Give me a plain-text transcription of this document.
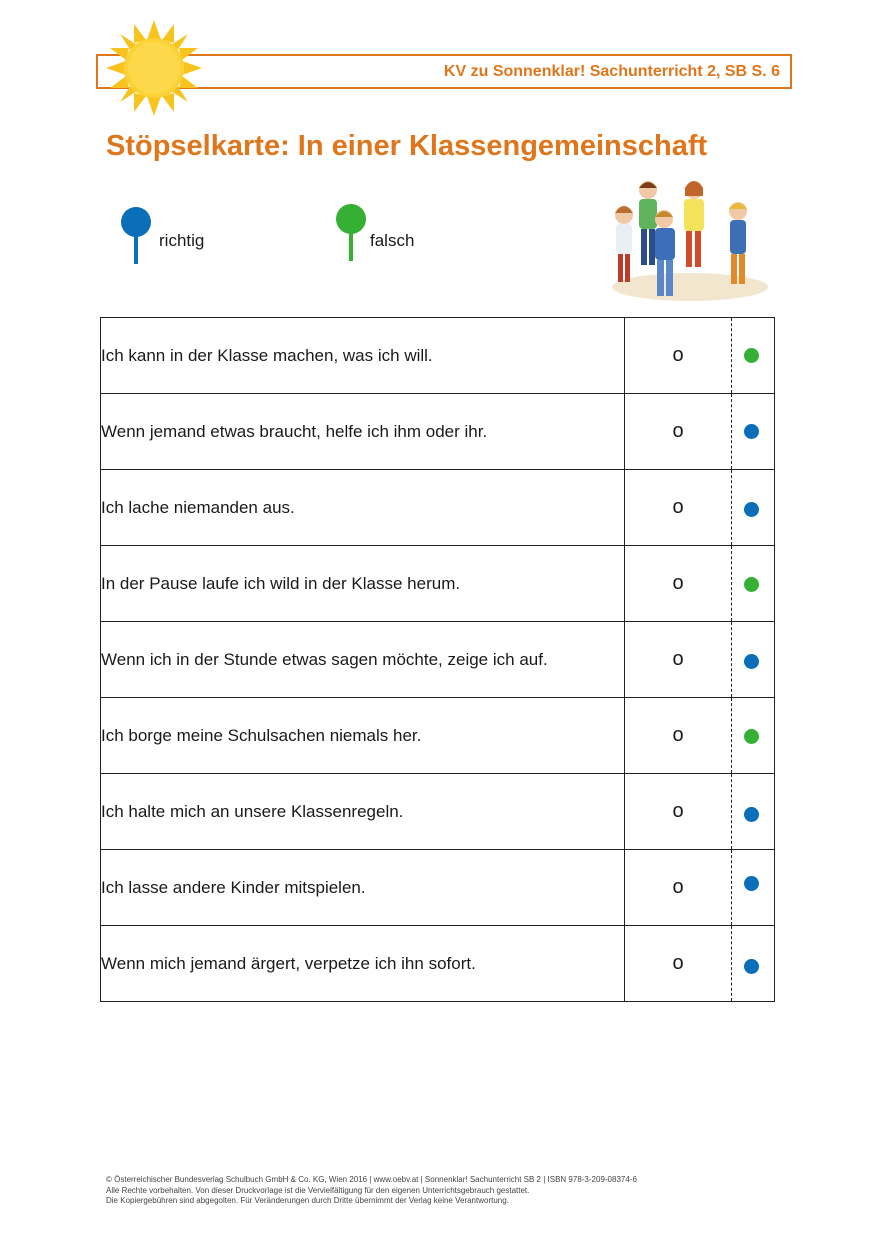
KV zu Sonnenklar! Sachunterricht 2, SB S. 6
Stöpselkarte: In einer Klassengemeinschaft
richtig	falsch
Ich kann in der Klasse machen, was ich will.	o	

Wenn jemand etwas braucht, helfe ich ihm oder ihr.	o	

Ich lache niemanden aus.	o	

In der Pause laufe ich wild in der Klasse herum.	o	

Wenn ich in der Stunde etwas sagen möchte, zeige ich auf.	o	

Ich borge meine Schulsachen niemals her.	o	

Ich halte mich an unsere Klassenregeln.	o	

Ich lasse andere Kinder mitspielen.	o	

Wenn mich jemand ärgert, verpetze ich ihn sofort.	o	
© Österreichischer Bundesverlag Schulbuch GmbH & Co. KG, Wien 2016 | www.oebv.at | Sonnenklar! Sachunterricht SB 2 | ISBN 978-3-209-08374-6
Alle Rechte vorbehalten. Von dieser Druckvorlage ist die Vervielfältigung für den eigenen Unterrichtsgebrauch gestattet.
Die Kopiergebühren sind abgegolten. Für Veränderungen durch Dritte übernimmt der Verlag keine Verantwortung.
